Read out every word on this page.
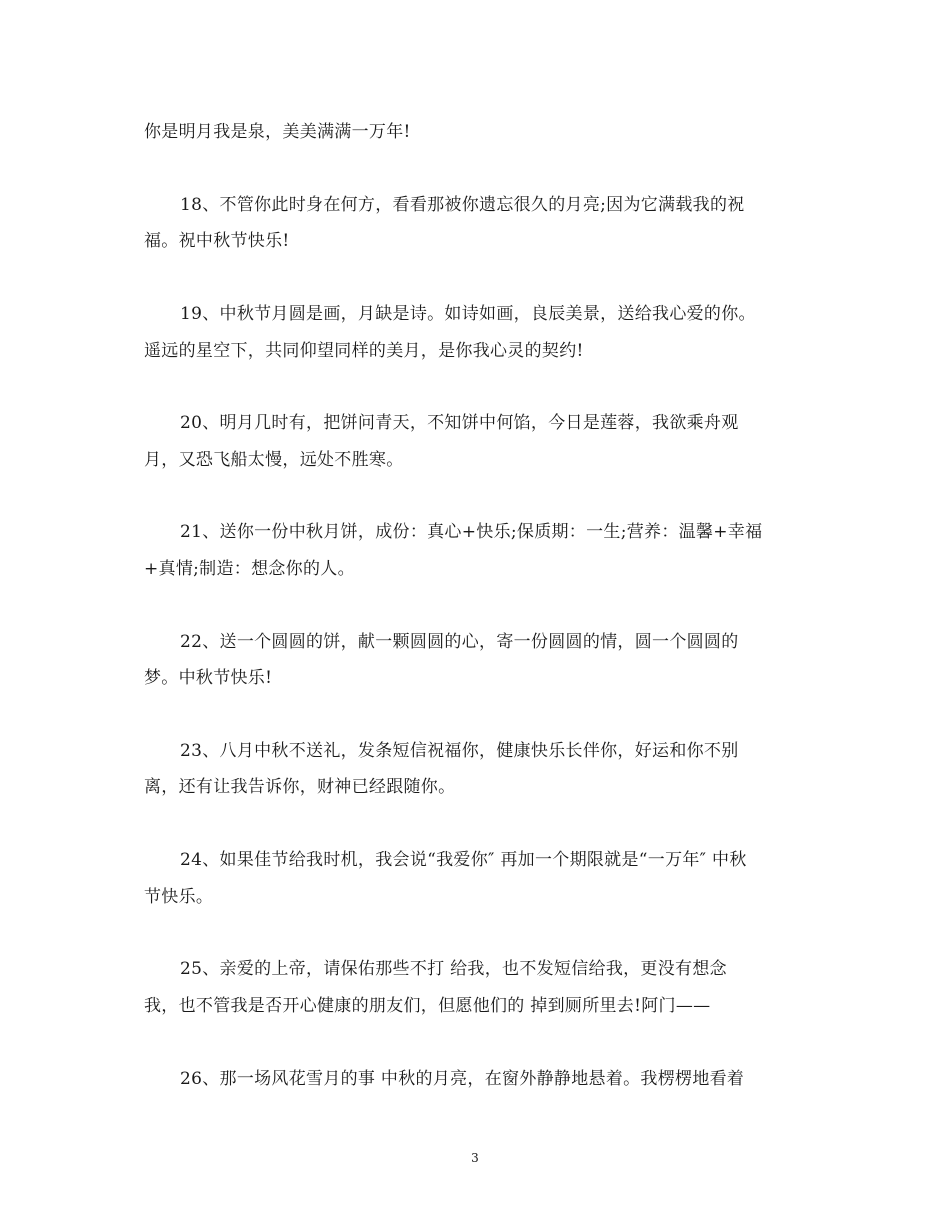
你是明月我是泉，美美满满一万年!
18、不管你此时身在何方，看看那被你遗忘很久的月亮;因为它满载我的祝
福。祝中秋节快乐!
19、中秋节月圆是画，月缺是诗。如诗如画，良辰美景，送给我心爱的你。
遥远的星空下，共同仰望同样的美月，是你我心灵的契约!
20、明月几时有，把饼问青天，不知饼中何馅，今日是莲蓉，我欲乘舟观
月，又恐飞船太慢，远处不胜寒。
21、送你一份中秋月饼，成份：真心+快乐;保质期：一生;营养：温馨+幸福
+真情;制造：想念你的人。
22、送一个圆圆的饼，献一颗圆圆的心，寄一份圆圆的情，圆一个圆圆的
梦。中秋节快乐!
23、八月中秋不送礼，发条短信祝福你，健康快乐长伴你，好运和你不别
离，还有让我告诉你，财神已经跟随你。
24、如果佳节给我时机，我会说“我爱你″ 再加一个期限就是“一万年″ 中秋
节快乐。
25、亲爱的上帝，请保佑那些不打 给我，也不发短信给我，更没有想念
我，也不管我是否开心健康的朋友们，但愿他们的 掉到厕所里去!阿门——
26、那一场风花雪月的事 中秋的月亮，在窗外静静地悬着。我楞楞地看着
3
